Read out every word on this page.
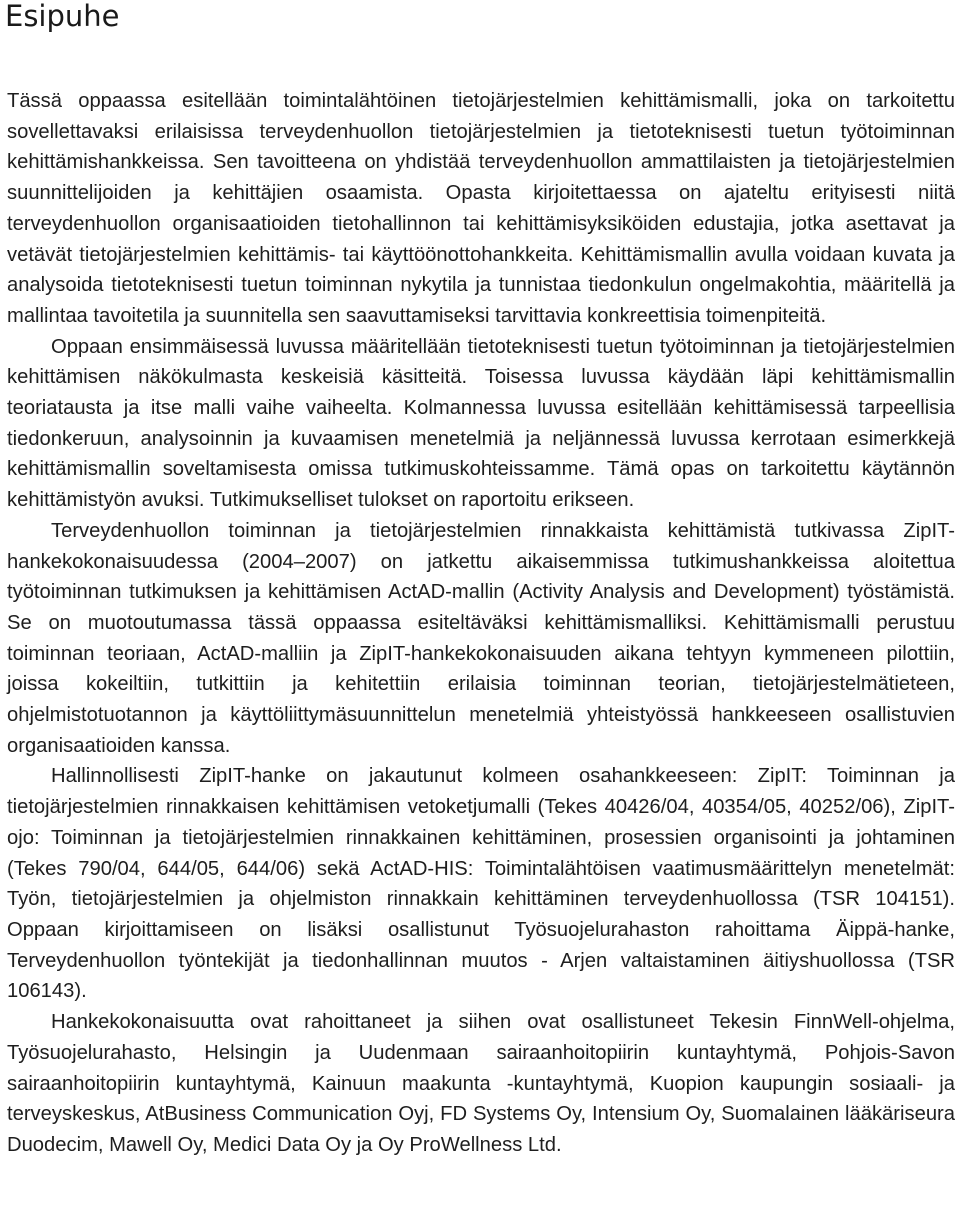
Esipuhe

Tässä oppaassa esitellään toimintalähtöinen tietojärjestelmien kehittämismalli, joka on tarkoitettu sovellettavaksi erilaisissa terveydenhuollon tietojärjestelmien ja tietoteknisesti tuetun työtoiminnan kehittämishankkeissa. Sen tavoitteena on yhdistää terveydenhuollon ammattilaisten ja tietojärjestelmien suunnittelijoiden ja kehittäjien osaamista. Opasta kirjoitettaessa on ajateltu erityisesti niitä terveydenhuollon organisaatioiden tietohallinnon tai kehittämisyksiköiden edustajia, jotka asettavat ja vetävät tietojärjestelmien kehittämis- tai käyttöönottohankkeita. Kehittämismallin avulla voidaan kuvata ja analysoida tietoteknisesti tuetun toiminnan nykytila ja tunnistaa tiedonkulun ongelmakohtia, määritellä ja mallintaa tavoitetila ja suunnitella sen saavuttamiseksi tarvittavia konkreettisia toimenpiteitä.

Oppaan ensimmäisessä luvussa määritellään tietoteknisesti tuetun työtoiminnan ja tietojärjestelmien kehittämisen näkökulmasta keskeisiä käsitteitä. Toisessa luvussa käydään läpi kehittämismallin teoriatausta ja itse malli vaihe vaiheelta. Kolmannessa luvussa esitellään kehittämisessä tarpeellisia tiedonkeruun, analysoinnin ja kuvaamisen menetelmiä ja neljännessä luvussa kerrotaan esimerkkejä kehittämismallin soveltamisesta omissa tutkimuskohteissamme. Tämä opas on tarkoitettu käytännön kehittämistyön avuksi. Tutkimukselliset tulokset on raportoitu erikseen.

Terveydenhuollon toiminnan ja tietojärjestelmien rinnakkaista kehittämistä tutkivassa ZipIT-hankekokonaisuudessa (2004–2007) on jatkettu aikaisemmissa tutkimushankkeissa aloitettua työtoiminnan tutkimuksen ja kehittämisen ActAD-mallin (Activity Analysis and Development) työstämistä. Se on muotoutumassa tässä oppaassa esiteltäväksi kehittämismalliksi. Kehittämismalli perustuu toiminnan teoriaan, ActAD-malliin ja ZipIT-hankekokonaisuuden aikana tehtyyn kymmeneen pilottiin, joissa kokeiltiin, tutkittiin ja kehitettiin erilaisia toiminnan teorian, tietojärjestelmätieteen, ohjelmistotuotannon ja käyttöliittymäsuunnittelun menetelmiä yhteistyössä hankkeeseen osallistuvien organisaatioiden kanssa.

Hallinnollisesti ZipIT-hanke on jakautunut kolmeen osahankkeeseen: ZipIT: Toiminnan ja tietojärjestelmien rinnakkaisen kehittämisen vetoketjumalli (Tekes 40426/04, 40354/05, 40252/06), ZipIT-ojo: Toiminnan ja tietojärjestelmien rinnakkainen kehittäminen, prosessien organisointi ja johtaminen (Tekes 790/04, 644/05, 644/06) sekä ActAD-HIS: Toimintalähtöisen vaatimusmäärittelyn menetelmät: Työn, tietojärjestelmien ja ohjelmiston rinnakkain kehittäminen terveydenhuollossa (TSR 104151). Oppaan kirjoittamiseen on lisäksi osallistunut Työsuojelurahaston rahoittama Äippä-hanke, Terveydenhuollon työntekijät ja tiedonhallinnan muutos - Arjen valtaistaminen äitiyshuollossa (TSR 106143).

Hankekokonaisuutta ovat rahoittaneet ja siihen ovat osallistuneet Tekesin FinnWell-ohjelma, Työsuojelurahasto, Helsingin ja Uudenmaan sairaanhoitopiirin kuntayhtymä, Pohjois-Savon sairaanhoitopiirin kuntayhtymä, Kainuun maakunta -kuntayhtymä, Kuopion kaupungin sosiaali- ja terveyskeskus, AtBusiness Communication Oyj, FD Systems Oy, Intensium Oy, Suomalainen lääkäriseura Duodecim, Mawell Oy, Medici Data Oy ja Oy ProWellness Ltd.
